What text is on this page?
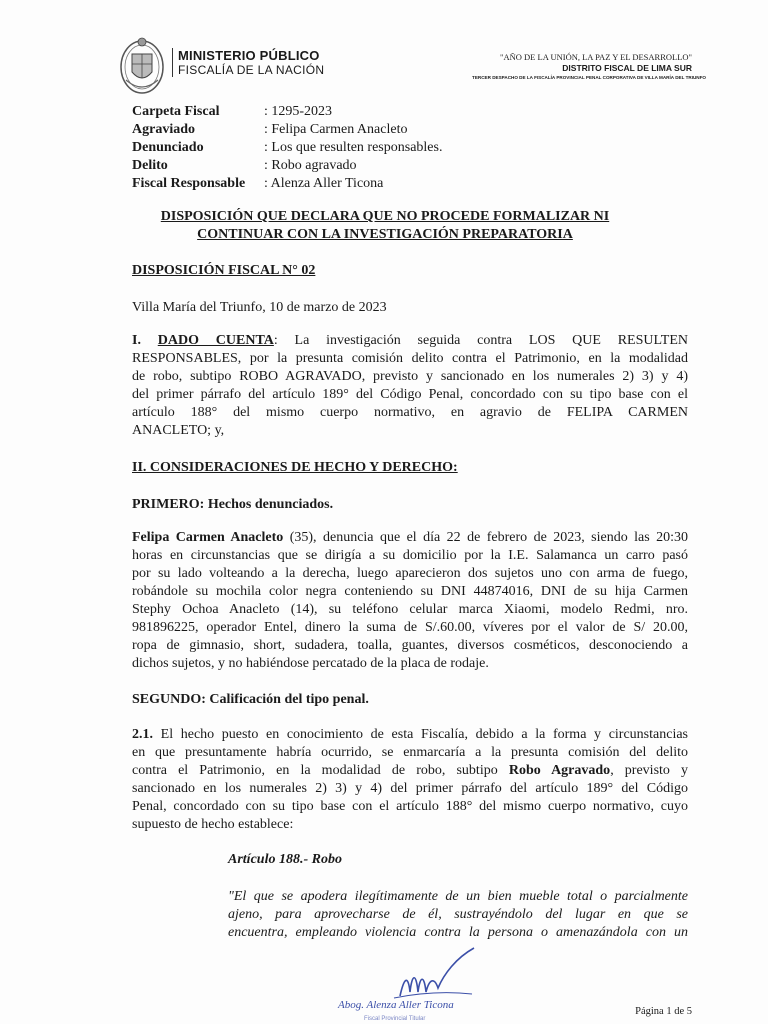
MINISTERIO PÚBLICO
FISCALÍA DE LA NACIÓN
"AÑO DE LA UNIÓN, LA PAZ Y EL DESARROLLO"
DISTRITO FISCAL DE LIMA SUR
TERCER DESPACHO DE LA FISCALÍA PROVINCIAL PENAL CORPORATIVA DE VILLA MARÍA DEL TRIUNFO
Carpeta Fiscal	: 1295-2023
Agraviado	: Felipa Carmen Anacleto
Denunciado	: Los que resulten responsables.
Delito	: Robo agravado
Fiscal Responsable	: Alenza Aller Ticona
DISPOSICIÓN QUE DECLARA QUE NO PROCEDE FORMALIZAR NI
CONTINUAR CON LA INVESTIGACIÓN PREPARATORIA
DISPOSICIÓN FISCAL N° 02
Villa María del Triunfo, 10 de marzo de 2023
I. DADO CUENTA: La investigación seguida contra LOS QUE RESULTEN
RESPONSABLES, por la presunta comisión delito contra el Patrimonio, en la modalidad
de robo, subtipo ROBO AGRAVADO, previsto y sancionado en los numerales 2) 3) y 4)
del primer párrafo del artículo 189° del Código Penal, concordado con su tipo base con el
artículo 188° del mismo cuerpo normativo, en agravio de FELIPA CARMEN
ANACLETO; y,
II. CONSIDERACIONES DE HECHO Y DERECHO:
PRIMERO: Hechos denunciados.
Felipa Carmen Anacleto (35), denuncia que el día 22 de febrero de 2023, siendo las 20:30
horas en circunstancias que se dirigía a su domicilio por la I.E. Salamanca un carro pasó
por su lado volteando a la derecha, luego aparecieron dos sujetos uno con arma de fuego,
robándole su mochila color negra conteniendo su DNI 44874016, DNI de su hija Carmen
Stephy Ochoa Anacleto (14), su teléfono celular marca Xiaomi, modelo Redmi, nro.
981896225, operador Entel, dinero la suma de S/.60.00, víveres por el valor de S/ 20.00,
ropa de gimnasio, short, sudadera, toalla, guantes, diversos cosméticos, desconociendo a
dichos sujetos, y no habiéndose percatado de la placa de rodaje.
SEGUNDO: Calificación del tipo penal.
2.1. El hecho puesto en conocimiento de esta Fiscalía, debido a la forma y circunstancias
en que presuntamente habría ocurrido, se enmarcaría a la presunta comisión del delito
contra el Patrimonio, en la modalidad de robo, subtipo Robo Agravado, previsto y
sancionado en los numerales 2) 3) y 4) del primer párrafo del artículo 189° del Código
Penal, concordado con su tipo base con el artículo 188° del mismo cuerpo normativo, cuyo
supuesto de hecho establece:
Artículo 188.- Robo
"El que se apodera ilegítimamente de un bien mueble total o parcialmente
ajeno, para aprovecharse de él, sustrayéndolo del lugar en que se
encuentra, empleando violencia contra la persona o amenazándola con un
Abog. Alenza Aller Ticona
Fiscal Provincial Titular
Página 1 de 5
